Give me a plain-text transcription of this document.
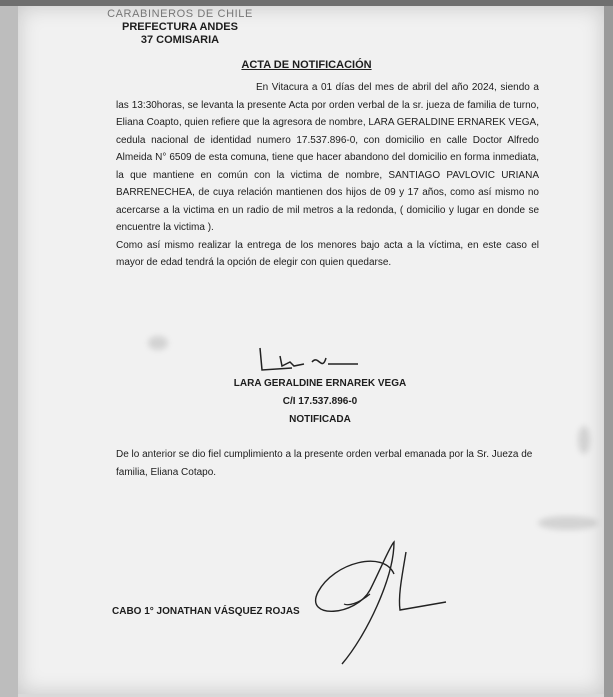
CARABINEROS DE CHILE
PREFECTURA ANDES
37 COMISARIA
ACTA DE NOTIFICACIÓN

En Vitacura a 01 días del mes de abril del año 2024, siendo a las 13:30horas, se levanta la presente Acta por orden verbal de la sr. jueza de familia de turno, Eliana Coapto, quien refiere que la agresora de nombre, LARA GERALDINE ERNAREK VEGA, cedula nacional de identidad numero 17.537.896-0, con domicilio en calle Doctor Alfredo Almeida N° 6509 de esta comuna, tiene que hacer abandono del domicilio en forma inmediata, la que mantiene en común con la victima de nombre, SANTIAGO PAVLOVIC URIANA BARRENECHEA, de cuya relación mantienen dos hijos de 09 y 17 años, como así mismo no acercarse a la victima en un radio de mil metros a la redonda, ( domicilio y lugar en donde se encuentre la victima ).

Como así mismo realizar la entrega de los menores bajo acta a la víctima, en este caso el mayor de edad tendrá la opción de elegir con quien quedarse.

LARA GERALDINE ERNAREK VEGA
C/I 17.537.896-0
NOTIFICADA

De lo anterior se dio fiel cumplimiento a la presente orden verbal emanada por la Sr. Jueza de familia, Eliana Cotapo.

CABO 1° JONATHAN VÁSQUEZ ROJAS
